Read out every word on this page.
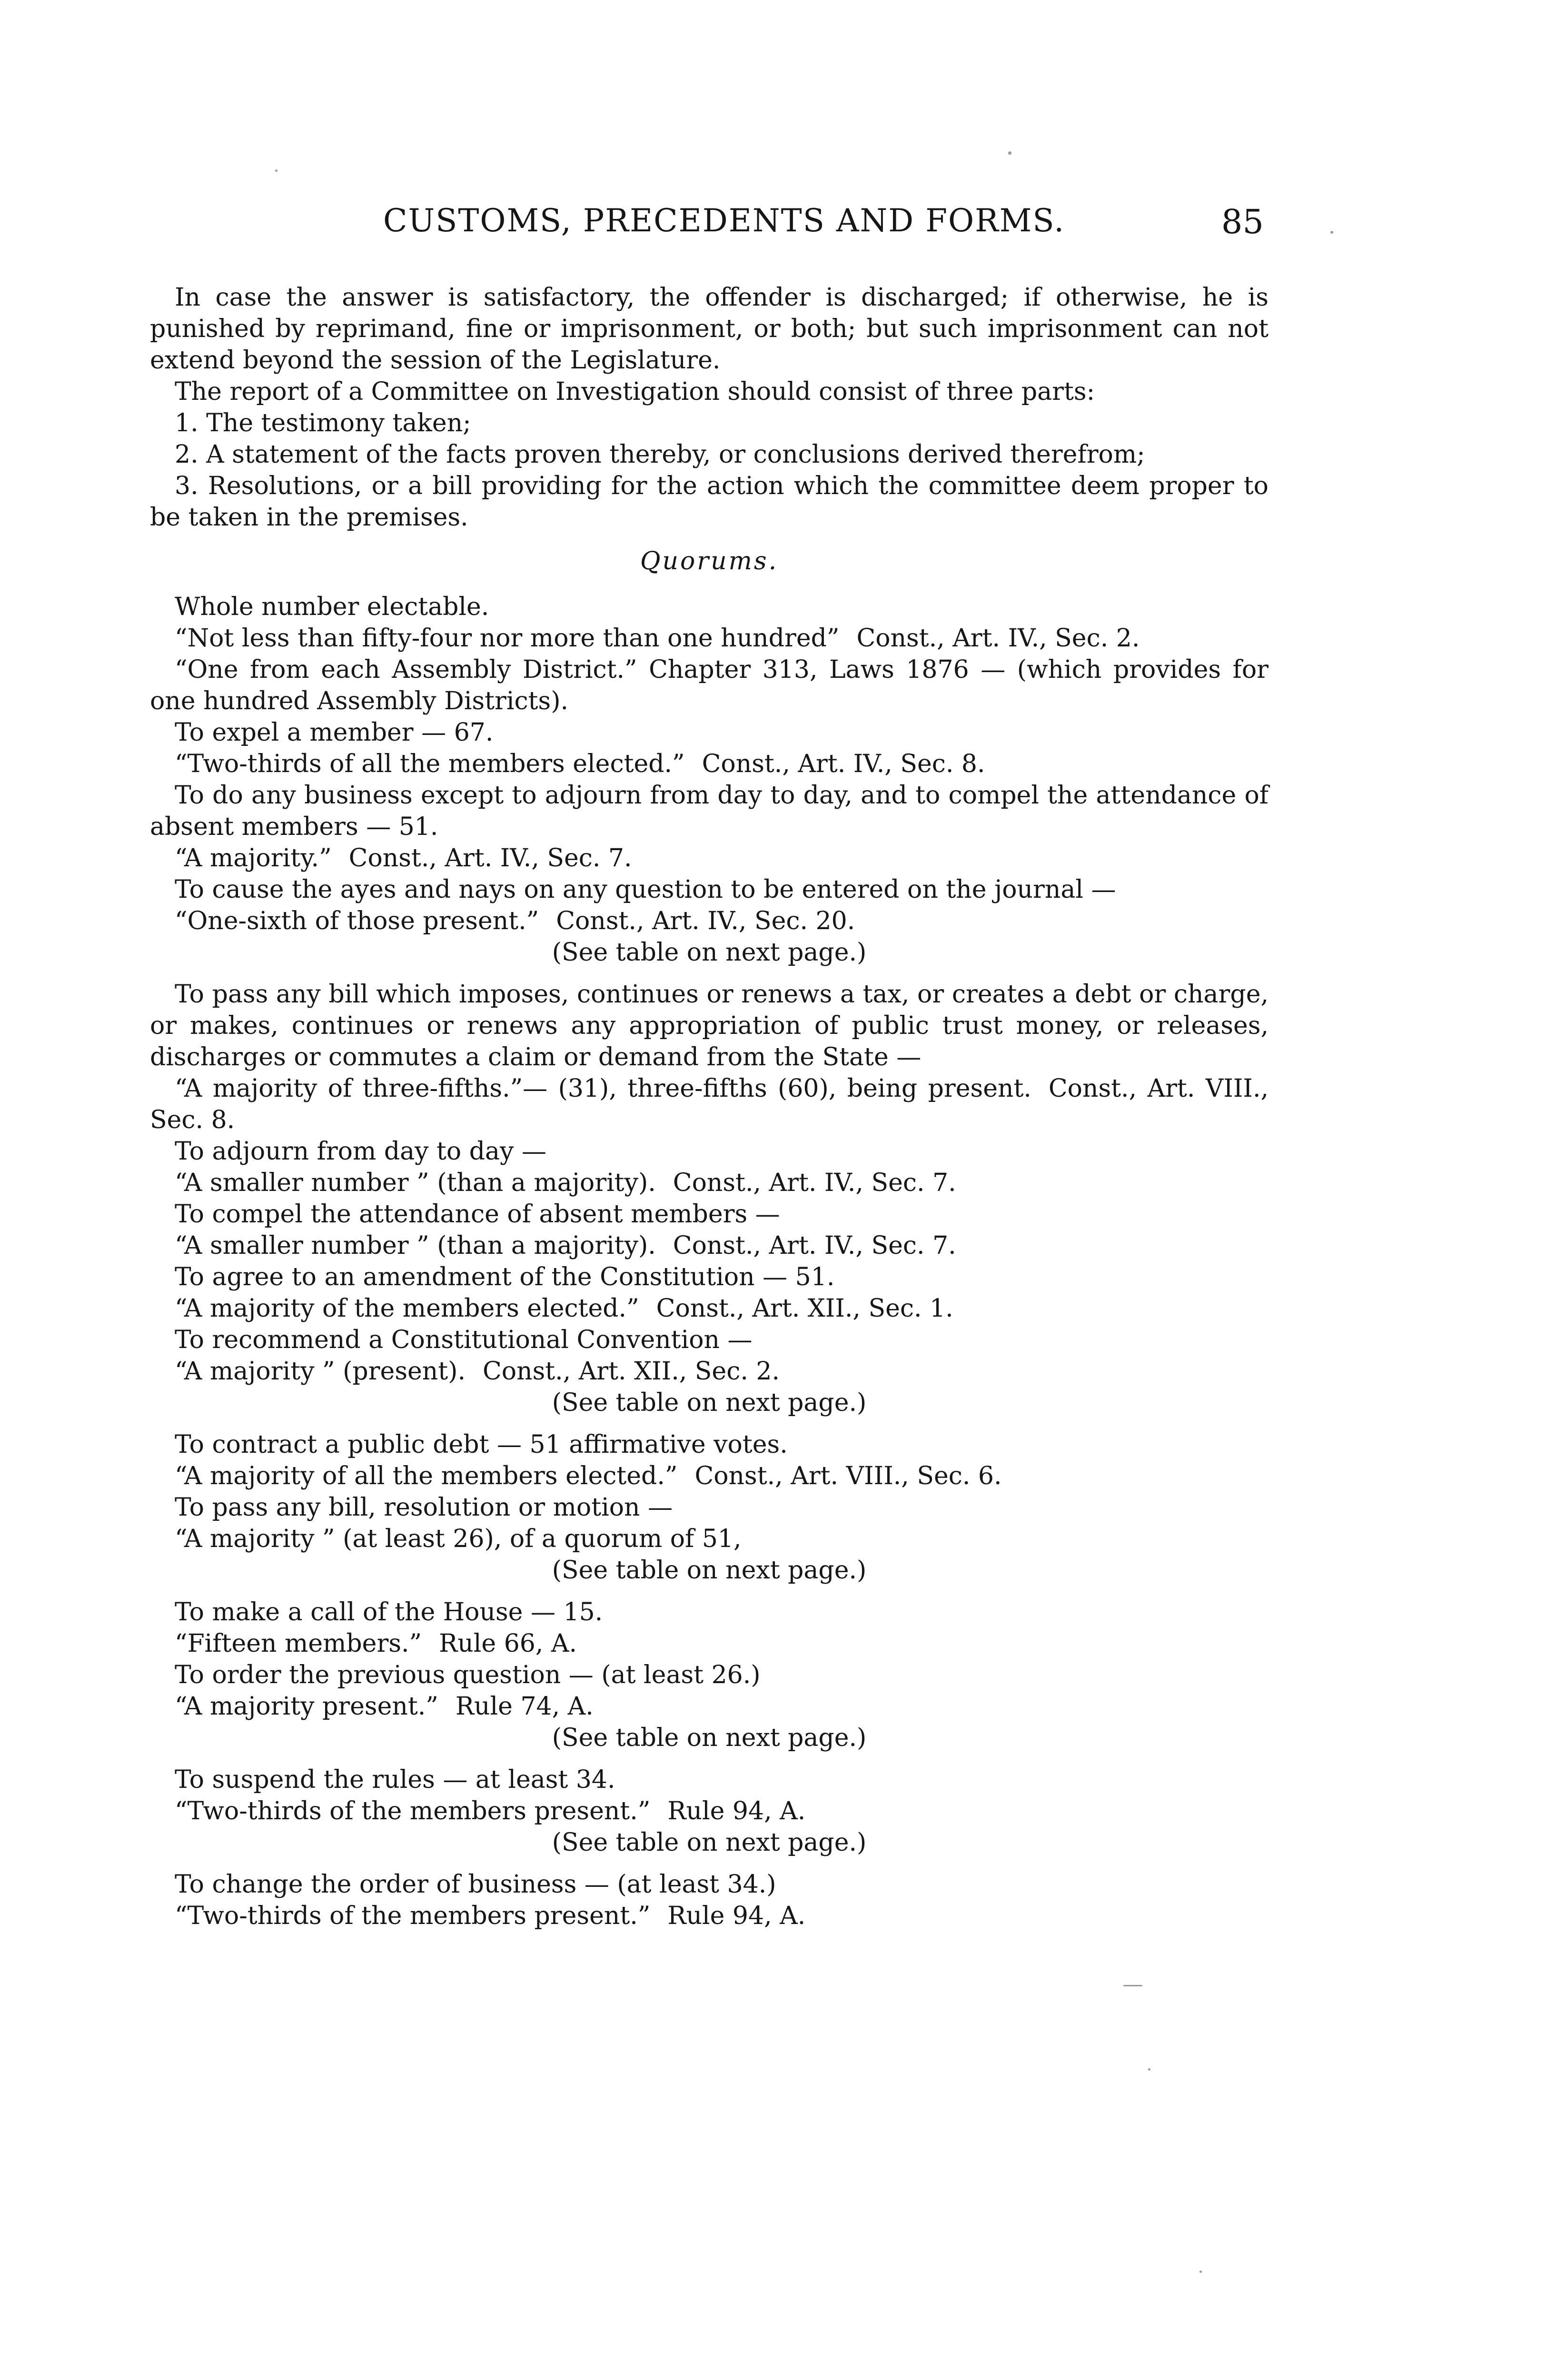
CUSTOMS, PRECEDENTS AND FORMS.	85

In case the answer is satisfactory, the offender is discharged; if otherwise, he is punished by reprimand, fine or imprisonment, or both; but such imprisonment can not extend beyond the session of the Legislature.

The report of a Committee on Investigation should consist of three parts:

1. The testimony taken;

2. A statement of the facts proven thereby, or conclusions derived therefrom;

3. Resolutions, or a bill providing for the action which the committee deem proper to be taken in the premises.

Quorums.

Whole number electable.

“Not less than fifty-four nor more than one hundred” Const., Art. IV., Sec. 2.

“One from each Assembly District.” Chapter 313, Laws 1876 — (which provides for one hundred Assembly Districts).

To expel a member — 67.

“Two-thirds of all the members elected.” Const., Art. IV., Sec. 8.

To do any business except to adjourn from day to day, and to compel the attendance of absent members — 51.

“A majority.” Const., Art. IV., Sec. 7.

To cause the ayes and nays on any question to be entered on the journal —

“One-sixth of those present.” Const., Art. IV., Sec. 20.

(See table on next page.)

To pass any bill which imposes, continues or renews a tax, or creates a debt or charge, or makes, continues or renews any appropriation of public trust money, or releases, discharges or commutes a claim or demand from the State —

“A majority of three-fifths.”— (31), three-fifths (60), being present. Const., Art. VIII., Sec. 8.

To adjourn from day to day —

“A smaller number ” (than a majority). Const., Art. IV., Sec. 7.

To compel the attendance of absent members —

“A smaller number ” (than a majority). Const., Art. IV., Sec. 7.

To agree to an amendment of the Constitution — 51.

“A majority of the members elected.” Const., Art. XII., Sec. 1.

To recommend a Constitutional Convention —

“A majority ” (present). Const., Art. XII., Sec. 2.

(See table on next page.)

To contract a public debt — 51 affirmative votes.

“A majority of all the members elected.” Const., Art. VIII., Sec. 6.

To pass any bill, resolution or motion —

“A majority ” (at least 26), of a quorum of 51,

(See table on next page.)

To make a call of the House — 15.

“Fifteen members.” Rule 66, A.

To order the previous question — (at least 26.)

“A majority present.” Rule 74, A.

(See table on next page.)

To suspend the rules — at least 34.

“Two-thirds of the members present.” Rule 94, A.

(See table on next page.)

To change the order of business — (at least 34.)

“Two-thirds of the members present.” Rule 94, A.
